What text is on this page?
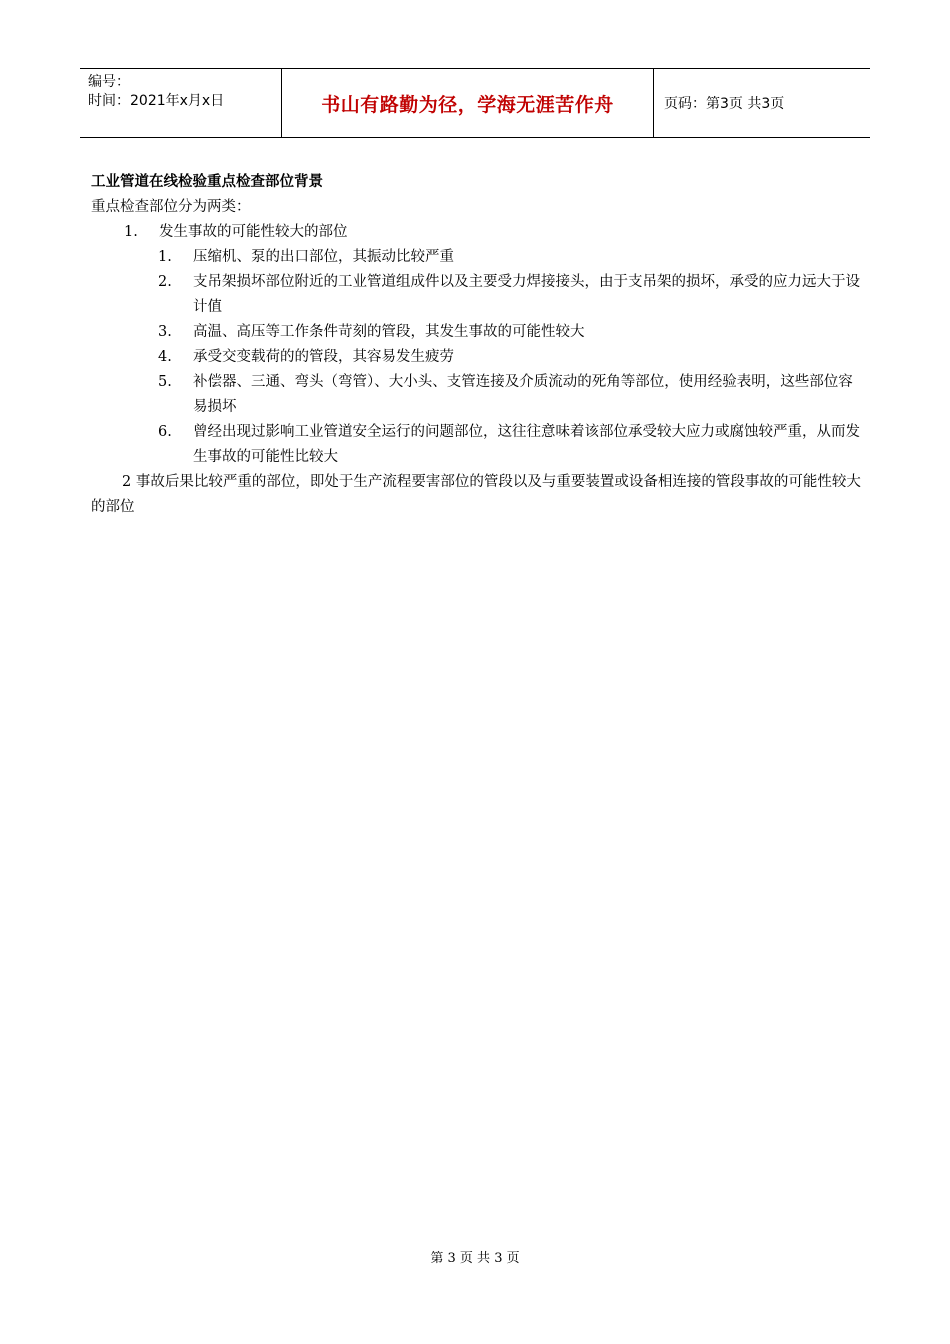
编号：
时间：2021年x月x日	书山有路勤为径，学海无涯苦作舟	页码：第3页 共3页
工业管道在线检验重点检查部位背景
重点检查部位分为两类：
1. 发生事故的可能性较大的部位
1. 压缩机、泵的出口部位，其振动比较严重
2. 支吊架损坏部位附近的工业管道组成件以及主要受力焊接接头，由于支吊架的损坏，承受的应力远大于设计值
3. 高温、高压等工作条件苛刻的管段，其发生事故的可能性较大
4. 承受交变载荷的的管段，其容易发生疲劳
5. 补偿器、三通、弯头（弯管）、大小头、支管连接及介质流动的死角等部位，使用经验表明，这些部位容易损坏
6. 曾经出现过影响工业管道安全运行的问题部位，这往往意味着该部位承受较大应力或腐蚀较严重，从而发生事故的可能性比较大
2 事故后果比较严重的部位，即处于生产流程要害部位的管段以及与重要装置或设备相连接的管段事故的可能性较大的部位
第 3 页 共 3 页
